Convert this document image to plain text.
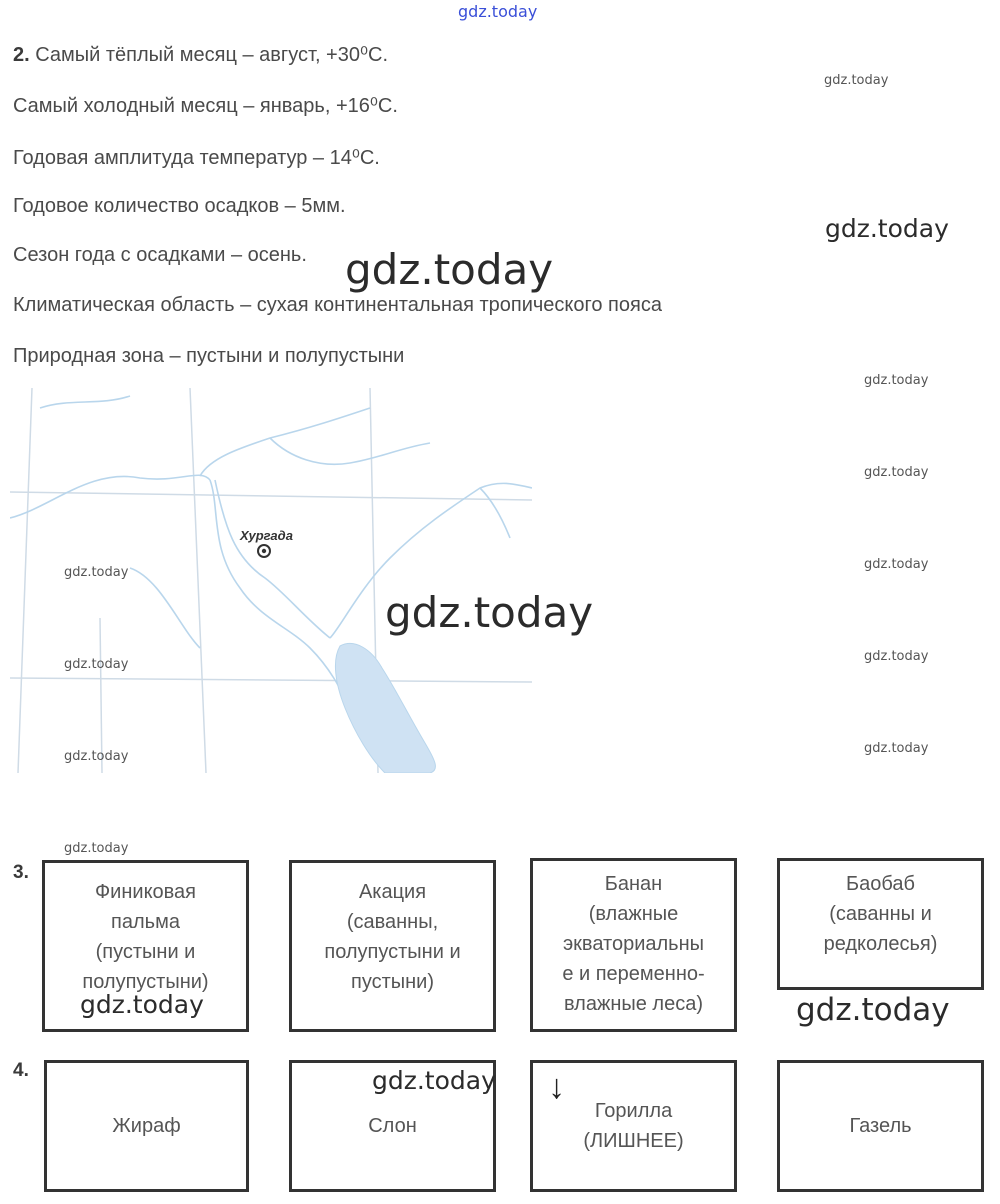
gdz.today
2. Самый тёплый месяц – август, +30⁰С.
Самый холодный месяц – январь, +16⁰С.
Годовая амплитуда температур – 14⁰С.
Годовое количество осадков – 5мм.
Сезон года с осадками – осень.
Климатическая область – сухая континентальная тропического пояса
Природная зона – пустыни и полупустыни
Хургада
gdz.today
gdz.today
gdz.today
gdz.today
gdz.today
gdz.today
gdz.today
gdz.today
gdz.today
gdz.today
gdz.today
gdz.today
gdz.today
3.
Финиковая
пальма
(пустыни и
полупустыни)
Акация
(саванны,
полупустыни и
пустыни)
Банан
(влажные
экваториальны
е и переменно-
влажные леса)
Баобаб
(саванны и
редколесья)
gdz.today	gdz.today
4.
Жираф	Слон
Горилла
(ЛИШНЕЕ)
Газель
↓
gdz.today
